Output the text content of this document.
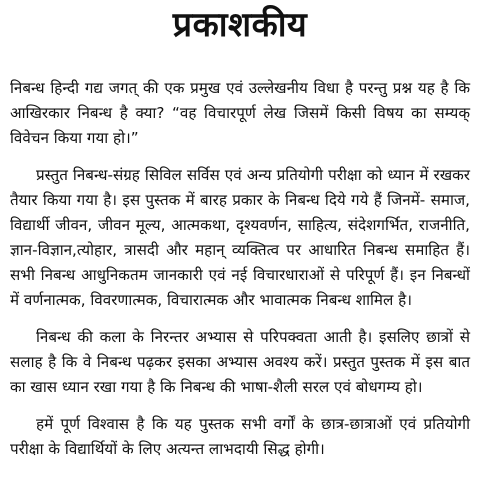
प्रकाशकीय

निबन्ध हिन्दी गद्य जगत् की एक प्रमुख एवं उल्लेखनीय विधा है परन्तु प्रश्न यह है कि आखिरकार निबन्ध है क्या? “वह विचारपूर्ण लेख जिसमें किसी विषय का सम्यक् विवेचन किया गया हो।”

प्रस्तुत निबन्ध-संग्रह सिविल सर्विस एवं अन्य प्रतियोगी परीक्षा को ध्यान में रखकर तैयार किया गया है। इस पुस्तक में बारह प्रकार के निबन्ध दिये गये हैं जिनमें- समाज, विद्यार्थी जीवन, जीवन मूल्य, आत्मकथा, दृश्यवर्णन, साहित्य, संदेशगर्भित, राजनीति, ज्ञान-विज्ञान,त्योहार, त्रासदी और महान् व्यक्तित्व पर आधारित निबन्ध समाहित हैं। सभी निबन्ध आधुनिकतम जानकारी एवं नई विचारधाराओं से परिपूर्ण हैं। इन निबन्धों में वर्णनात्मक, विवरणात्मक, विचारात्मक और भावात्मक निबन्ध शामिल है।

निबन्ध की कला के निरन्तर अभ्यास से परिपक्वता आती है। इसलिए छात्रों से सलाह है कि वे निबन्ध पढ़कर इसका अभ्यास अवश्य करें। प्रस्तुत पुस्तक में इस बात का खास ध्यान रखा गया है कि निबन्ध की भाषा-शैली सरल एवं बोधगम्य हो।

हमें पूर्ण विश्वास है कि यह पुस्तक सभी वर्गों के छात्र-छात्राओं एवं प्रतियोगी परीक्षा के विद्यार्थियों के लिए अत्यन्त लाभदायी सिद्ध होगी।
